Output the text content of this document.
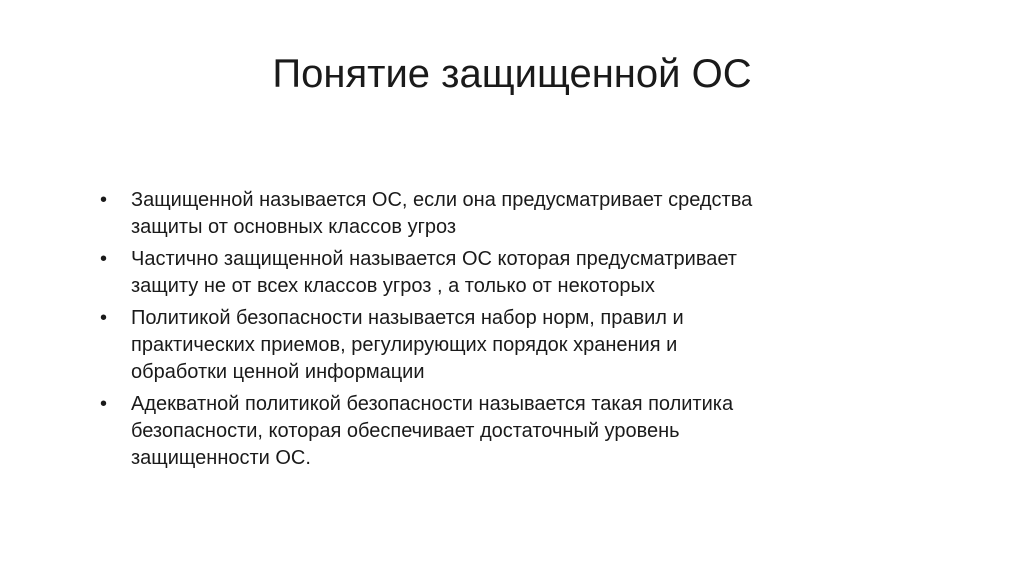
Понятие защищенной ОС
• Защищенной называется ОС, если она предусматривает средства
защиты от основных классов угроз
• Частично защищенной называется ОС которая предусматривает
защиту не от всех классов угроз , а только от некоторых
• Политикой безопасности называется набор норм, правил и
практических приемов, регулирующих порядок хранения и
обработки ценной информации
• Адекватной политикой безопасности называется такая политика
безопасности, которая обеспечивает достаточный уровень
защищенности ОС.
